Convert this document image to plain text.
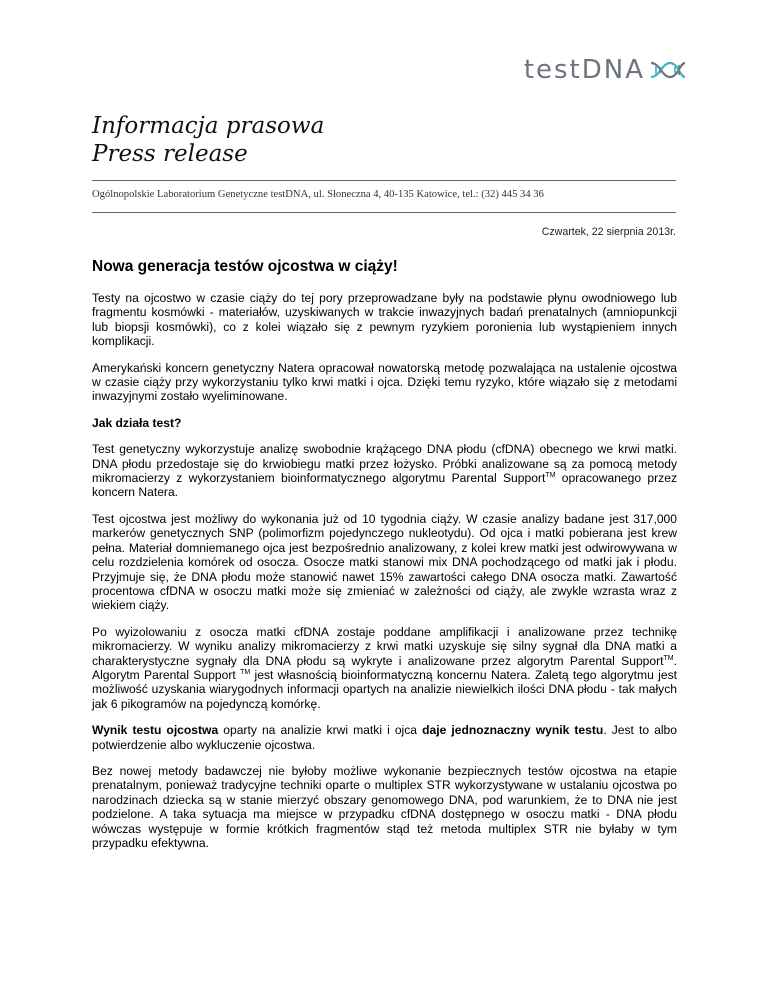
testDNA
Informacja prasowa
Press release
Ogólnopolskie Laboratorium Genetyczne testDNA, ul. Słoneczna 4, 40-135 Katowice, tel.: (32) 445 34 36
Czwartek, 22 sierpnia 2013r.
Nowa generacja testów ojcostwa w ciąży!

Testy na ojcostwo w czasie ciąży do tej pory przeprowadzane były na podstawie płynu owodniowego lub fragmentu kosmówki - materiałów, uzyskiwanych w trakcie inwazyjnych badań prenatalnych (amniopunkcji lub biopsji kosmówki), co z kolei wiązało się z pewnym ryzykiem poronienia lub wystąpieniem innych komplikacji.

Amerykański koncern genetyczny Natera opracował nowatorską metodę pozwalająca na ustalenie ojcostwa w czasie ciąży przy wykorzystaniu tylko krwi matki i ojca. Dzięki temu ryzyko, które wiązało się z metodami inwazyjnymi zostało wyeliminowane.

Jak działa test?

Test genetyczny wykorzystuje analizę swobodnie krążącego DNA płodu (cfDNA) obecnego we krwi matki. DNA płodu przedostaje się do krwiobiegu matki przez łożysko. Próbki analizowane są za pomocą metody mikromacierzy z wykorzystaniem bioinformatycznego algorytmu Parental Support™ opracowanego przez koncern Natera.

Test ojcostwa jest możliwy do wykonania już od 10 tygodnia ciąży. W czasie analizy badane jest 317,000 markerów genetycznych SNP (polimorfizm pojedynczego nukleotydu). Od ojca i matki pobierana jest krew pełna. Materiał domniemanego ojca jest bezpośrednio analizowany, z kolei krew matki jest odwirowywana w celu rozdzielenia komórek od osocza. Osocze matki stanowi mix DNA pochodzącego od matki jak i płodu. Przyjmuje się, że DNA płodu może stanowić nawet 15% zawartości całego DNA osocza matki. Zawartość procentowa cfDNA w osoczu matki może się zmieniać w zależności od ciąży, ale zwykle wzrasta wraz z wiekiem ciąży.

Po wyizolowaniu z osocza matki cfDNA zostaje poddane amplifikacji i analizowane przez technikę mikromacierzy. W wyniku analizy mikromacierzy z krwi matki uzyskuje się silny sygnał dla DNA matki a charakterystyczne sygnały dla DNA płodu są wykryte i analizowane przez algorytm Parental Support™. Algorytm Parental Support ™ jest własnością bioinformatyczną koncernu Natera. Zaletą tego algorytmu jest możliwość uzyskania wiarygodnych informacji opartych na analizie niewielkich ilości DNA płodu - tak małych jak 6 pikogramów na pojedynczą komórkę.

Wynik testu ojcostwa oparty na analizie krwi matki i ojca daje jednoznaczny wynik testu. Jest to albo potwierdzenie albo wykluczenie ojcostwa.

Bez nowej metody badawczej nie byłoby możliwe wykonanie bezpiecznych testów ojcostwa na etapie prenatalnym, ponieważ tradycyjne techniki oparte o multiplex STR wykorzystywane w ustalaniu ojcostwa po narodzinach dziecka są w stanie mierzyć obszary genomowego DNA, pod warunkiem, że to DNA nie jest podzielone. A taka sytuacja ma miejsce w przypadku cfDNA dostępnego w osoczu matki - DNA płodu wówczas występuje w formie krótkich fragmentów stąd też metoda multiplex STR nie byłaby w tym przypadku efektywna.
